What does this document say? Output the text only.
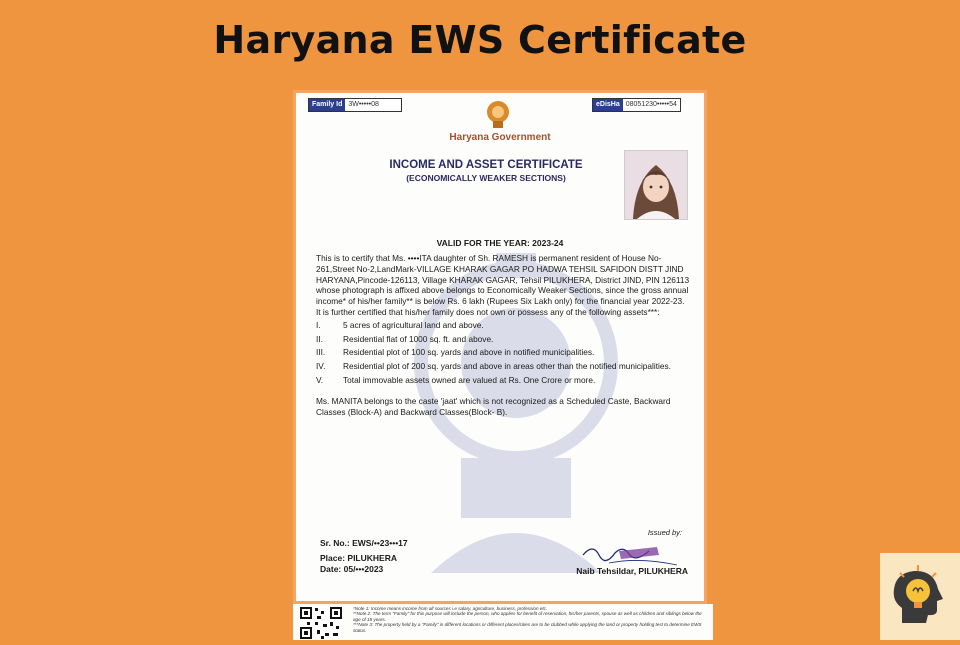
Haryana EWS Certificate
Family Id 3W•••••08	eDisHa 08051230•••••54
Haryana Government
INCOME AND ASSET CERTIFICATE
(ECONOMICALLY WEAKER SECTIONS)
VALID FOR THE YEAR: 2023-24

This is to certify that Ms. ••••ITA daughter of Sh. RAMESH is permanent resident of House No-261,Street No-2,LandMark-VILLAGE KHARAK GAGAR PO HADWA TEHSIL SAFIDON DISTT JIND HARYANA,Pincode-126113, Village KHARAK GAGAR, Tehsil PILUKHERA, District JIND, PIN 126113 whose photograph is affixed above belongs to Economically Weaker Sections, since the gross annual income* of his/her family** is below Rs. 6 lakh (Rupees Six Lakh only) for the financial year 2022-23.

It is further certified that his/her family does not own or possess any of the following assets***:

I.	5 acres of agricultural land and above.
II.	Residential flat of 1000 sq. ft. and above.
III.	Residential plot of 100 sq. yards and above in notified municipalities.
IV.	Residential plot of 200 sq. yards and above in areas other than the notified municipalities.
V.	Total immovable assets owned are valued at Rs. One Crore or more.

Ms. MANITA belongs to the caste 'jaat' which is not recognized as a Scheduled Caste, Backward Classes (Block-A) and Backward Classes(Block- B).

Sr. No.: EWS/••23•••17
Place: PILUKHERA
Date: 05/•••2023
Issued by:
Naib Tehsildar, PILUKHERA

*Note 1: Income means income from all sources i.e salary, agriculture, business, profession etc.

**Note 2: The term "Family" for this purpose will include the person, who applies for benefit of reservation, his/her parents, spouse as well as children and siblings below the age of 18 years.

***Note 3: The property held by a "Family" in different locations or different places/cities are to be clubbed while applying the land or property holding test to determine EWS status.
